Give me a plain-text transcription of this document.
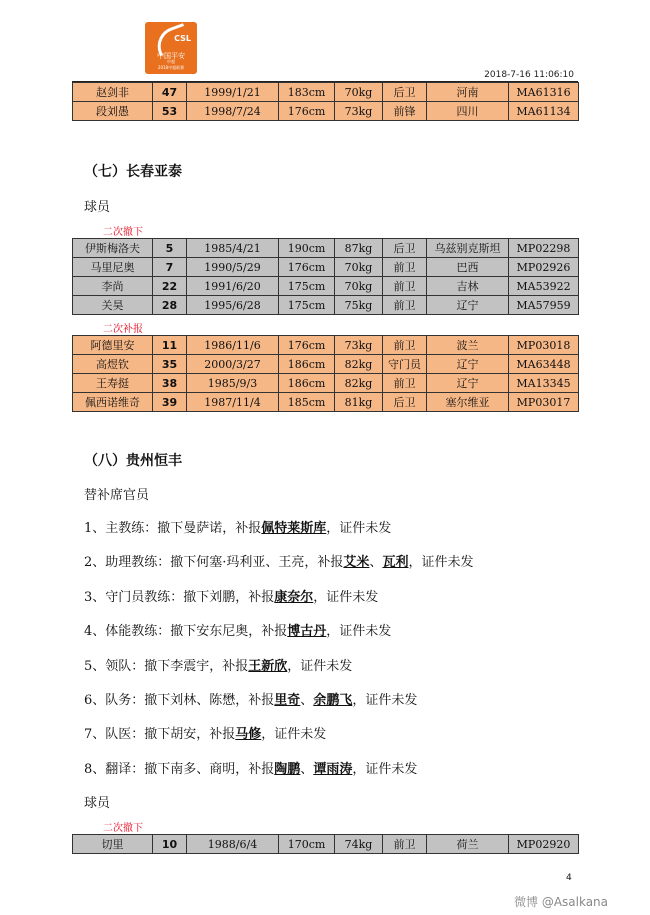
CSL
中国平安
中超
2018中超联赛
2018-7-16 11:06:10
赵剑非	47	1999/1/21	183cm	70kg	后卫	河南	MA61316
段刘愚	53	1998/7/24	176cm	73kg	前锋	四川	MA61134
（七）长春亚泰
球员
二次撤下
伊斯梅洛夫	5	1985/4/21	190cm	87kg	后卫	乌兹别克斯坦	MP02298
马里尼奥	7	1990/5/29	176cm	70kg	前卫	巴西	MP02926
李尚	22	1991/6/20	175cm	70kg	前卫	吉林	MA53922
关昊	28	1995/6/28	175cm	75kg	前卫	辽宁	MA57959
二次补报
阿德里安	11	1986/11/6	176cm	73kg	前卫	波兰	MP03018
高煜钦	35	2000/3/27	186cm	82kg	守门员	辽宁	MA63448
王寿挺	38	1985/9/3	186cm	82kg	前卫	辽宁	MA13345
佩西诺维奇	39	1987/11/4	185cm	81kg	后卫	塞尔维亚	MP03017
（八）贵州恒丰
替补席官员
1、主教练：撤下曼萨诺，补报佩特莱斯库，证件未发
2、助理教练：撤下何塞·玛利亚、王亮，补报艾米、瓦利，证件未发
3、守门员教练：撤下刘鹏，补报康奈尔，证件未发
4、体能教练：撤下安东尼奥，补报博古丹，证件未发
5、领队：撤下李震宇，补报王新欣，证件未发
6、队务：撤下刘林、陈懋，补报里奇、余鹏飞，证件未发
7、队医：撤下胡安，补报马修，证件未发
8、翻译：撤下南多、商明，补报陶鹏、谭雨涛，证件未发
球员
二次撤下
切里	10	1988/6/4	170cm	74kg	前卫	荷兰	MP02920
4
微博 @Asalkana
